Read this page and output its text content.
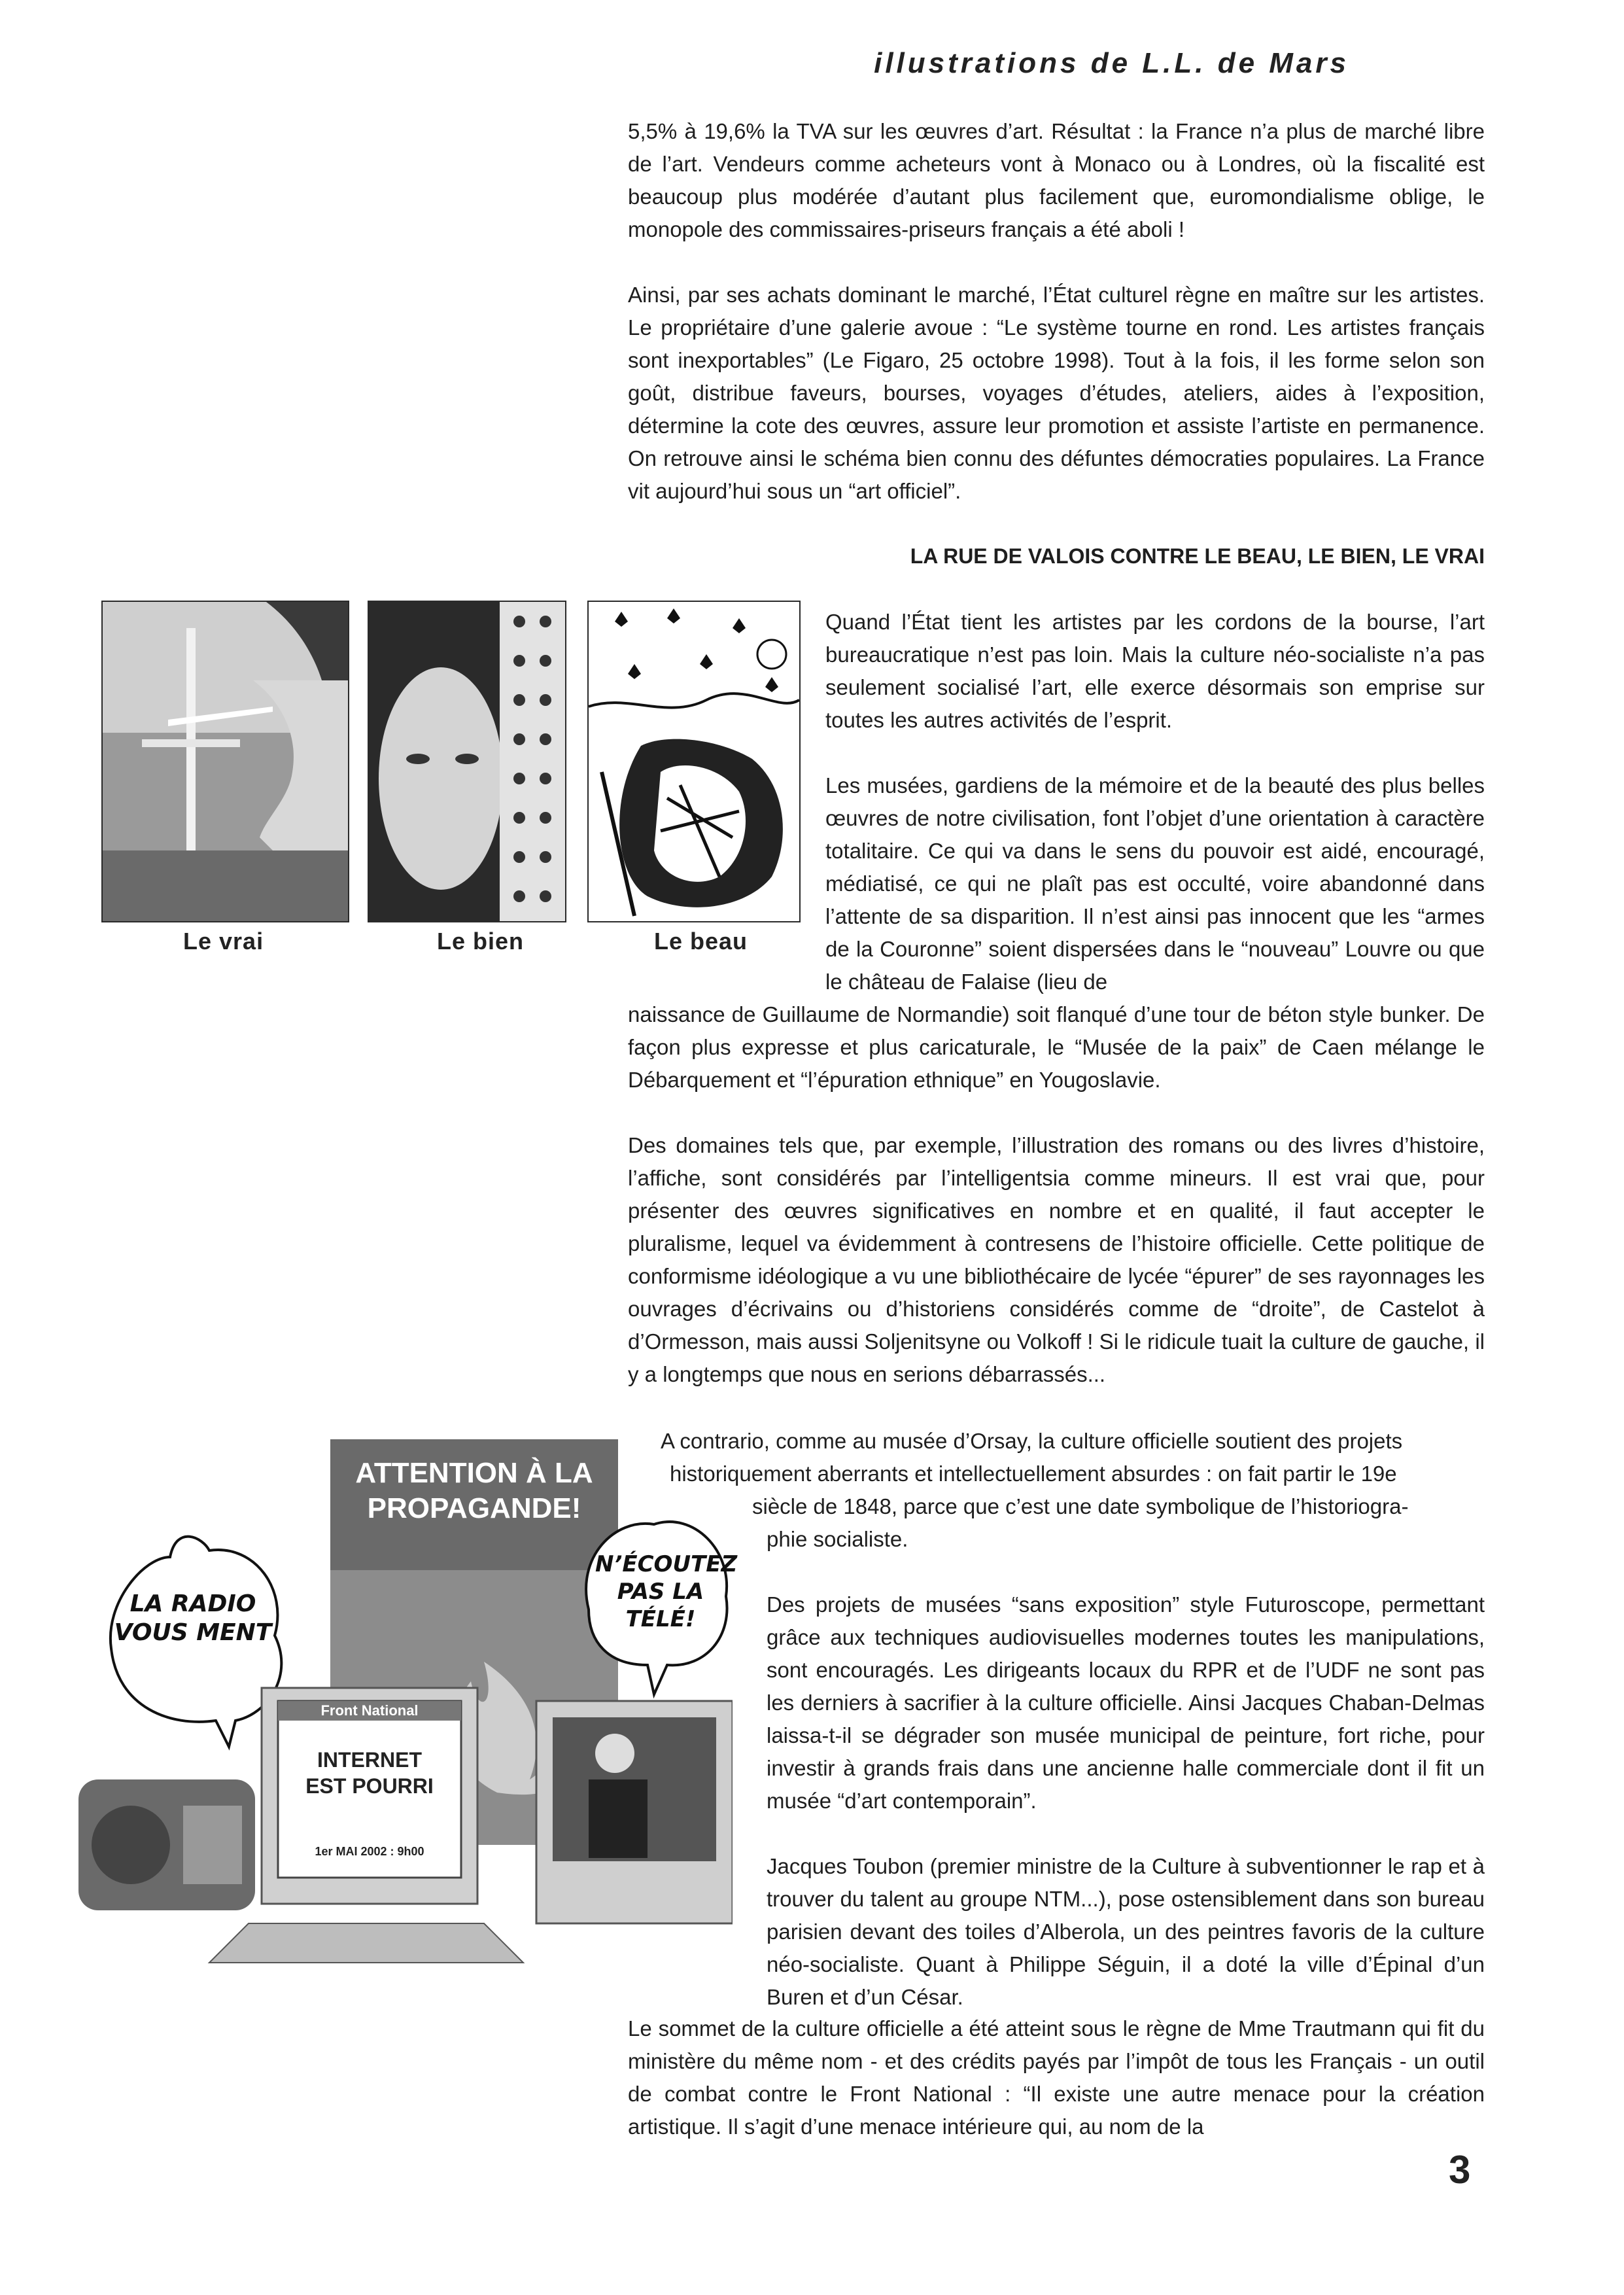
illustrations de L.L. de Mars

5,5% à 19,6% la TVA sur les œuvres d’art. Résultat : la France n’a plus de marché libre de l’art. Vendeurs comme acheteurs vont à Monaco ou à Londres, où la fiscalité est beaucoup plus modérée d’autant plus facilement que, euromondialisme oblige, le monopole des commissaires-priseurs français a été aboli !

Ainsi, par ses achats dominant le marché, l’État culturel règne en maître sur les artistes. Le propriétaire d’une galerie avoue : “Le système tourne en rond. Les artistes français sont inexportables” (Le Figaro, 25 octobre 1998). Tout à la fois, il les forme selon son goût, distribue faveurs, bourses, voyages d’études, ateliers, aides à l’exposition, détermine la cote des œuvres, assure leur promotion et assiste l’artiste en permanence. On retrouve ainsi le schéma bien connu des défuntes démocraties populaires. La France vit aujourd’hui sous un “art officiel”.

LA RUE DE VALOIS CONTRE LE BEAU, LE BIEN, LE VRAI
Le vrai	Le bien	Le beau

Quand l’État tient les artistes par les cordons de la bourse, l’art bureaucratique n’est pas loin. Mais la culture néo-socialiste n’a pas seulement socialisé l’art, elle exerce désormais son emprise sur toutes les autres activités de l’esprit.

Les musées, gardiens de la mémoire et de la beauté des plus belles œuvres de notre civilisation, font l’objet d’une orientation à caractère totalitaire. Ce qui va dans le sens du pouvoir est aidé, encouragé, médiatisé, ce qui ne plaît pas est occulté, voire abandonné dans l’attente de sa disparition. Il n’est ainsi pas innocent que les “armes de la Couronne” soient dispersées dans le “nouveau” Louvre ou que le château de Falaise (lieu de

naissance de Guillaume de Normandie) soit flanqué d’une tour de béton style bunker. De façon plus expresse et plus caricaturale, le “Musée de la paix” de Caen mélange le Débarquement et “l’épuration ethnique” en Yougoslavie.

Des domaines tels que, par exemple, l’illustration des romans ou des livres d’histoire, l’affiche, sont considérés par l’intelligentsia comme mineurs. Il est vrai que, pour présenter des œuvres significatives en nombre et en qualité, il faut accepter le pluralisme, lequel va évidemment à contresens de l’histoire officielle. Cette politique de conformisme idéologique a vu une bibliothécaire de lycée “épurer” de ses rayonnages les ouvrages d’écrivains ou d’historiens considérés comme de “droite”, de Castelot à d’Ormesson, mais aussi Soljenitsyne ou Volkoff ! Si le ridicule tuait la culture de gauche, il y a longtemps que nous en serions débarrassés...

A contrario, comme au musée d’Orsay, la culture officielle soutient des projets

historiquement aberrants et intellectuellement absurdes : on fait partir le 19e

siècle de 1848, parce que c’est une date symbolique de l’historiogra-

phie socialiste.

Des projets de musées “sans exposition” style Futuroscope, permettant grâce aux techniques audiovisuelles modernes toutes les manipulations, sont encouragés. Les dirigeants locaux du RPR et de l’UDF ne sont pas les derniers à sacrifier à la culture officielle. Ainsi Jacques Chaban-Delmas laissa-t-il se dégrader son musée municipal de peinture, fort riche, pour investir à grands frais dans une ancienne halle commerciale dont il fit un musée “d’art contemporain”.

Jacques Toubon (premier ministre de la Culture à subventionner le rap et à trouver du talent au groupe NTM...), pose ostensiblement dans son bureau parisien devant des toiles d’Alberola, un des peintres favoris de la culture néo-socialiste. Quant à Philippe Séguin, il a doté la ville d’Épinal d’un Buren et d’un César.

Le sommet de la culture officielle a été atteint sous le règne de Mme Trautmann qui fit du ministère du même nom - et des crédits payés par l’impôt de tous les Français - un outil de combat contre le Front National : “Il existe une autre menace pour la création artistique. Il s’agit d’une menace intérieure qui, au nom de la

LA RADIO VOUS MENT
N’ÉCOUTEZ PAS LA TÉLÉ!
Front National
INTERNET EST POURRI
1er MAI 2002 : 9h00
ATTENTION À LA PROPAGANDE!
3
